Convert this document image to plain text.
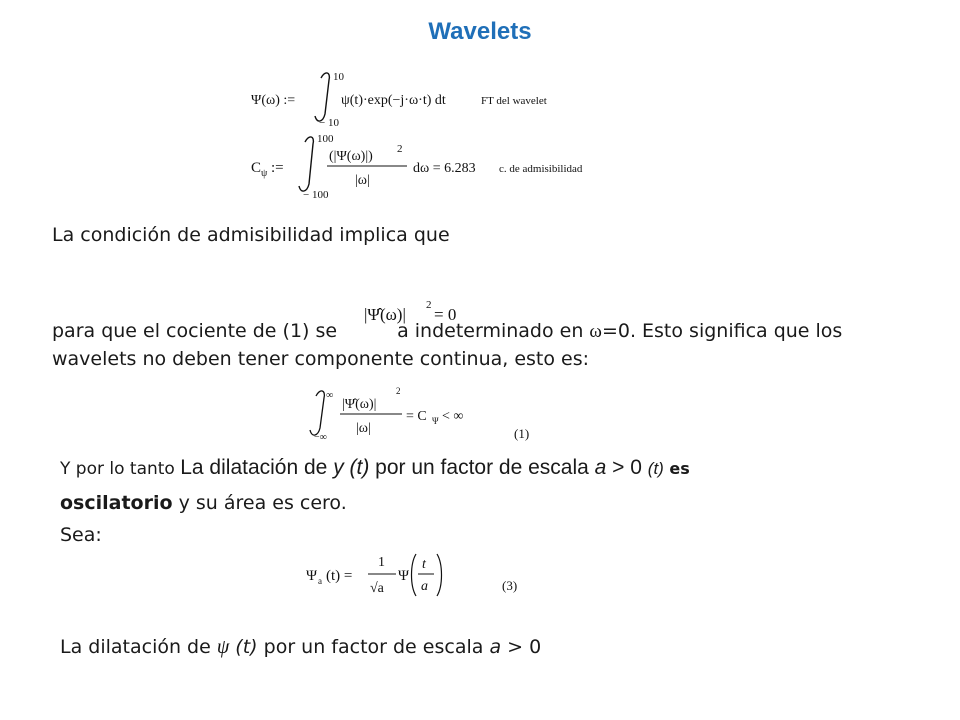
Wavelets
Ψ(ω) :=
10
− 10
ψ(t)·exp(−j·ω·t) dt	FT del wavelet
C ψ :=
100
− 100
(|Ψ(ω)|) 2
|ω|
dω = 6.283 c. de admisibilidad
La condición de admisibilidad implica que
|Ψ̂(ω)| 2 = 0
para que el cociente de (1) se	a indeterminado en ω=0. Esto significa que los
wavelets no deben tener componente continua, esto es:
∞
−∞
|Ψ̂(ω)|
2
|ω|
= C Ψ < ∞
(1)
Y por lo tanto La dilatación de y (t) por un factor de escala a > 0 (t) es
oscilatorio y su área es cero.
Sea:
Ψ a (t) =
1
√a
Ψ
t
a	(3)
La dilatación de ψ (t) por un factor de escala a > 0
